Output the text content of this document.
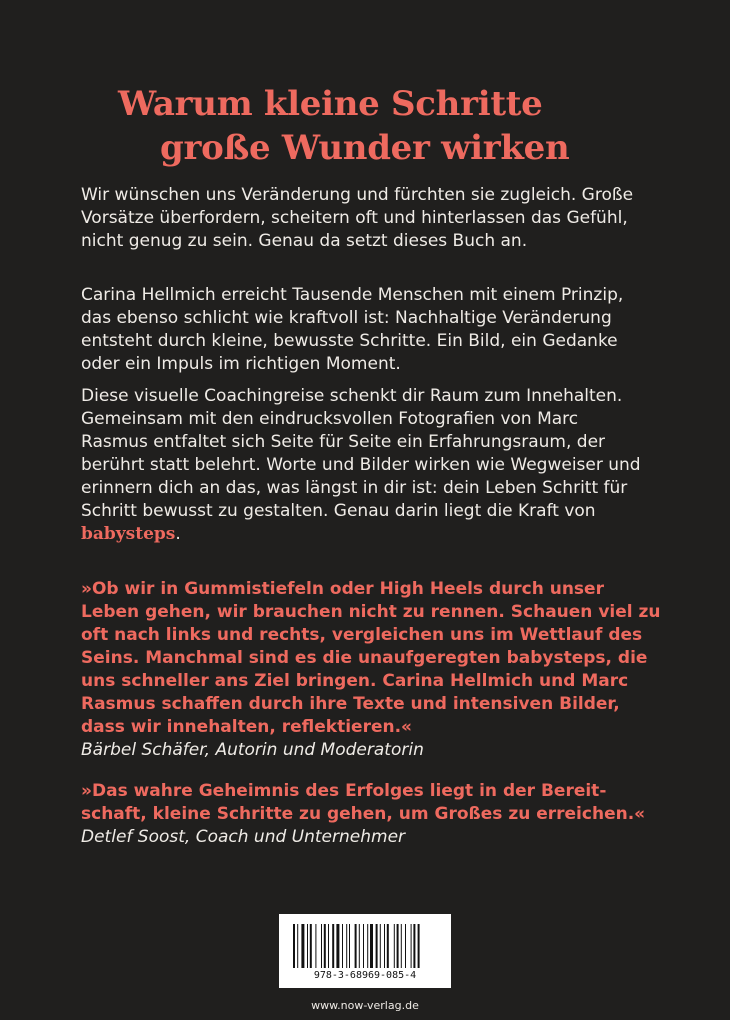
Warum kleine Schritte
große Wunder wirken

Wir wünschen uns Veränderung und fürchten sie zugleich. Große Vorsätze überfordern, scheitern oft und hinterlassen das Gefühl, nicht genug zu sein. Genau da setzt dieses Buch an.

Carina Hellmich erreicht Tausende Menschen mit einem Prinzip, das ebenso schlicht wie kraftvoll ist: Nachhaltige Veränderung entsteht durch kleine, bewusste Schritte. Ein Bild, ein Gedanke oder ein Impuls im richtigen Moment.

Diese visuelle Coachingreise schenkt dir Raum zum Innehalten. Gemeinsam mit den eindrucksvollen Fotografien von Marc Rasmus entfaltet sich Seite für Seite ein Erfahrungsraum, der berührt statt belehrt. Worte und Bilder wirken wie Wegweiser und erinnern dich an das, was längst in dir ist: dein Leben Schritt für Schritt bewusst zu gestalten. Genau darin liegt die Kraft von babysteps.

»Ob wir in Gummistiefeln oder High Heels durch unser Leben gehen, wir brauchen nicht zu rennen. Schauen viel zu oft nach links und rechts, vergleichen uns im Wettlauf des Seins. Manchmal sind es die unaufgeregten babysteps, die uns schneller ans Ziel bringen. Carina Hellmich und Marc Rasmus schaffen durch ihre Texte und intensiven Bilder, dass wir innehalten, reflektieren.«

Bärbel Schäfer, Autorin und Moderatorin

»Das wahre Geheimnis des Erfolges liegt in der Bereitschaft, kleine Schritte zu gehen, um Großes zu erreichen.«

Detlef Soost, Coach und Unternehmer

978-3-68969-085-4
www.now-verlag.de
